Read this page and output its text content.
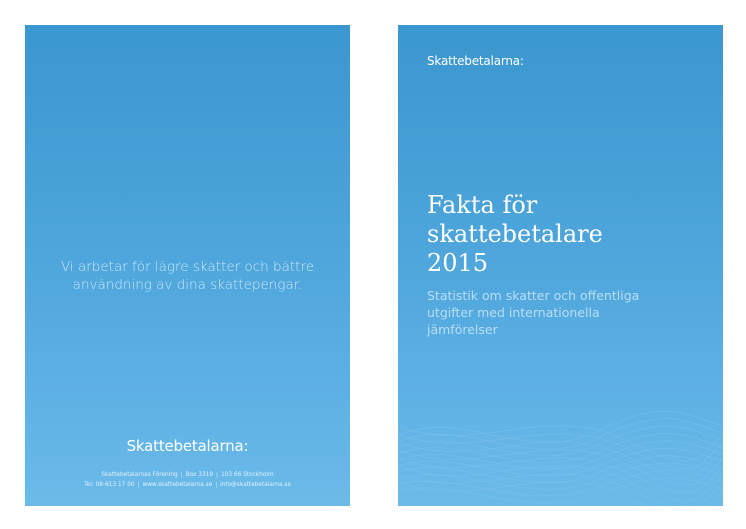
Vi arbetar för lägre skatter och bättre
användning av dina skattepengar.
Skattebetalarna:
Skattebetalarnas Förening | Box 3319 | 103 66 Stockholm
Tel: 08-613 17 00 | www.skattebetalarna.se | info@skattebetalarna.se
Skattebetalarna:
Fakta för
skattebetalare
2015
Statistik om skatter och offentliga
utgifter med internationella
jämförelser
